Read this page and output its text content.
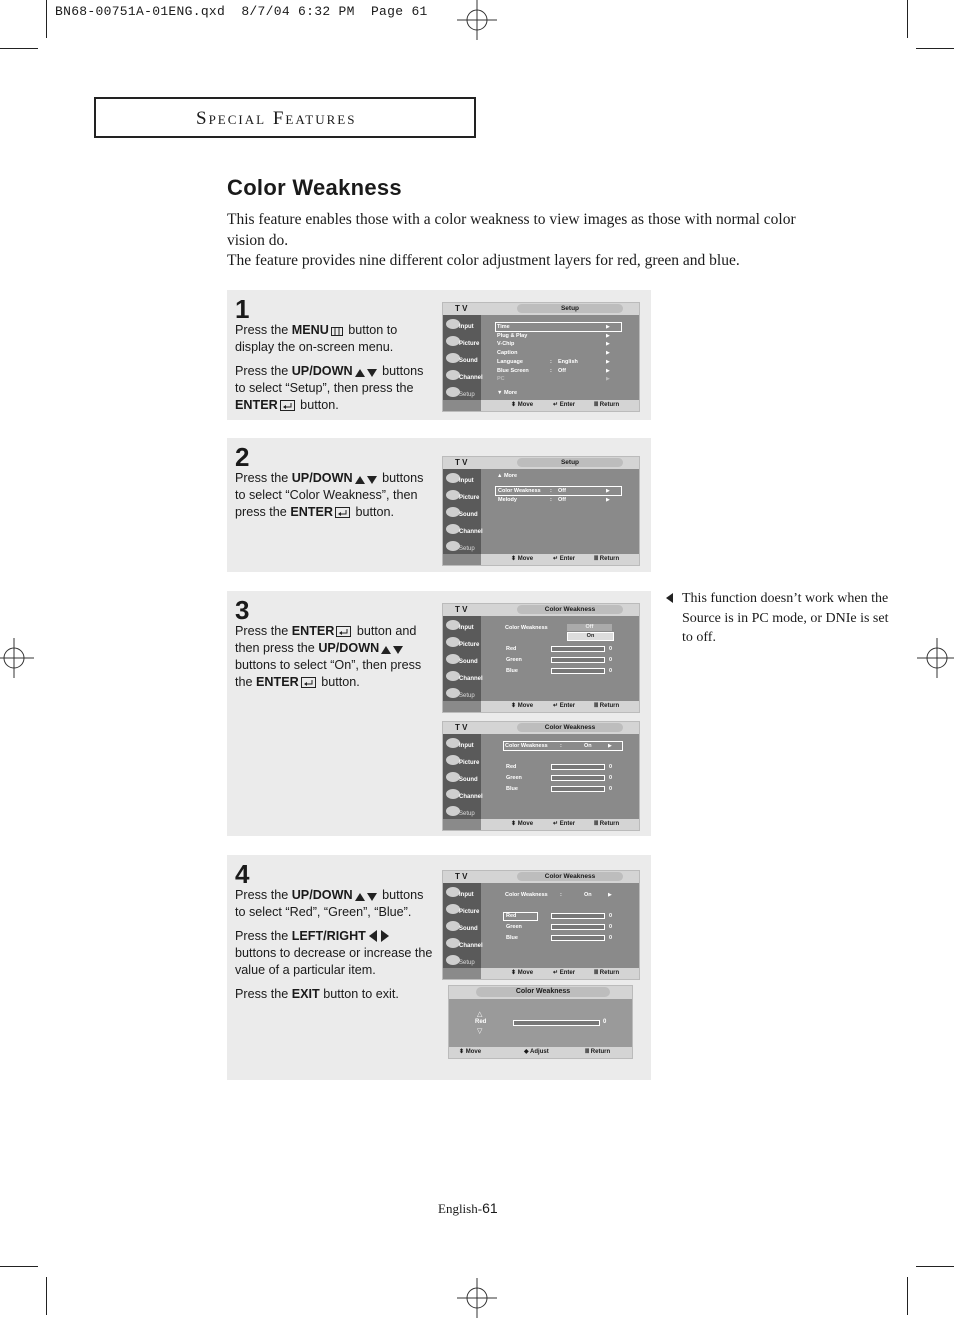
BN68-00751A-01ENG.qxd  8/7/04 6:32 PM  Page 61
Special Features
Color Weakness

This feature enables those with a color weakness to view images as those with normal color vision do.

The feature provides nine different color adjustment layers for red, green and blue.

1

Press the MENU button to display the on-screen menu.

Press the UP/DOWN buttons to select “Setup”, then press the ENTER button.

2

Press the UP/DOWN buttons to select “Color Weakness”, then press the ENTER button.

3

Press the ENTER button and then press the UP/DOWN buttons to select “On”, then press the ENTER button.

4

Press the UP/DOWN buttons to select “Red”, “Green”, “Blue”.

Press the LEFT/RIGHT buttons to decrease or increase the value of a particular item.

Press the EXIT button to exit.

T V	Setup
Input
Picture
Sound
Channel
Setup
⬍ Move	↵ Enter	Ⅲ Return
Time	▶
Plug & Play	▶
V-Chip	▶
Caption	▶
Language	: English	▶
Blue Screen	: Off	▶
PC	▶
▼ More
T V	Setup
Input
Picture
Sound
Channel
Setup
⬍ Move	↵ Enter	Ⅲ Return
▲ More
Color Weakness : Off	▶
Melody	: Off	▶
T V	Color Weakness
Input
Picture
Sound
Channel
Setup
⬍ Move	↵ Enter	Ⅲ Return
Color Weakness	Off
On
Red	0
Green	0
Blue	0
T V	Color Weakness
Input
Picture
Sound
Channel
Setup
⬍ Move	↵ Enter	Ⅲ Return
Color Weakness :	On	▶
Red	0
Green	0
Blue	0
T V	Color Weakness
Input
Picture
Sound
Channel
Setup
⬍ Move	↵ Enter	Ⅲ Return
Color Weakness :	On	▶
Red	0
Green	0
Blue	0
Color Weakness
△
Red
▽
0
⬍ Move	◆ Adjust	Ⅲ Return
This function doesn’t work when the Source is in PC mode, or DNIe is set to off.
English-61
